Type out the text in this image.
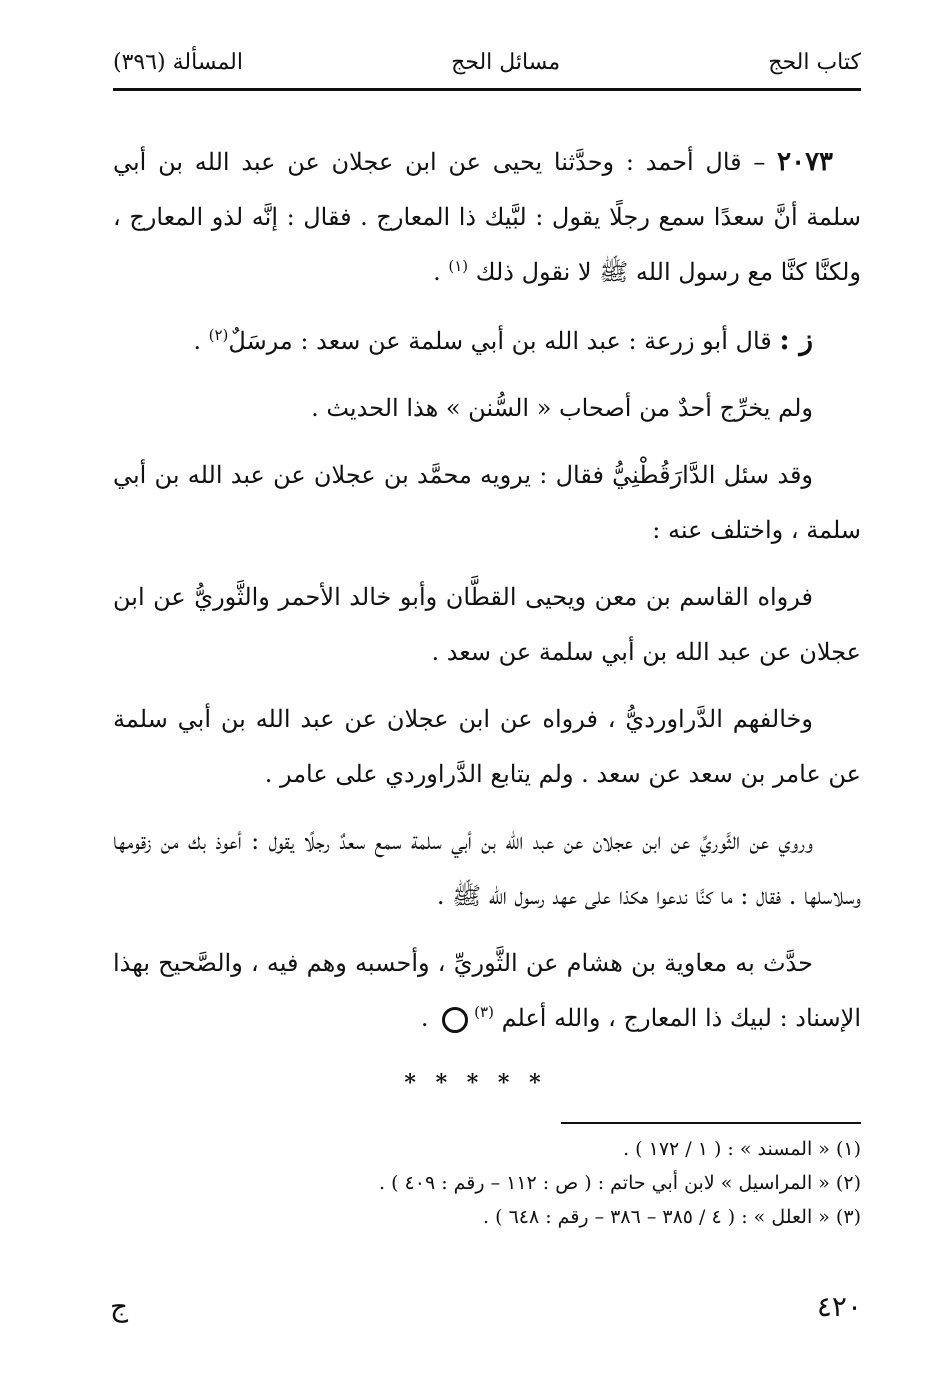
كتاب الحج
مسائل الحج
المسألة (٣٩٦)

٢٠٧٣ – قال أحمد : وحدَّثنا يحيى عن ابن عجلان عن عبد الله بن أبي سلمة أنَّ سعدًا سمع رجلًا يقول : لبَّيك ذا المعارج . فقال : إنَّه لذو المعارج ، ولكنَّا كنَّا مع رسول الله ﷺ لا نقول ذلك $^{(١)}$ .

ز : قال أبو زرعة : عبد الله بن أبي سلمة عن سعد : مرسَلٌ$^{(٢)}$ .

ولم يخرِّج أحدٌ من أصحاب « السُّنن » هذا الحديث .

وقد سئل الدَّارَقُطْنِيُّ فقال : يرويه محمَّد بن عجلان عن عبد الله بن أبي سلمة ، واختلف عنه :

فرواه القاسم بن معن ويحيى القطَّان وأبو خالد الأحمر والثَّوريُّ عن ابن عجلان عن عبد الله بن أبي سلمة عن سعد .

وخالفهم الدَّراورديُّ ، فرواه عن ابن عجلان عن عبد الله بن أبي سلمة عن عامر بن سعد عن سعد . ولم يتابع الدَّراوردي على عامر .

وروي عن الثَّوريِّ عن ابن عجلان عن عبد الله بن أبي سلمة سمع سعدٌ رجلًا يقول : أعوذ بك من زقومها وسلاسلها . فقال : ما كنَّا ندعوا هكذا على عهد رسول الله ﷺ .

حدَّث به معاوية بن هشام عن الثَّوريِّ ، وأحسبه وهم فيه ، والصَّحيح بهذا الإسناد : لبيك ذا المعارج ، والله أعلم $^{(٣)}$ .

* * * * *
(١) « المسند » : ( ١ / ١٧٢ ) .
(٢) « المراسيل » لابن أبي حاتم : ( ص : ١١٢ – رقم : ٤٠٩ ) .
(٣) « العلل » : ( ٤ / ٣٨٥ – ٣٨٦ – رقم : ٦٤٨ ) .
٤٢٠
ج
